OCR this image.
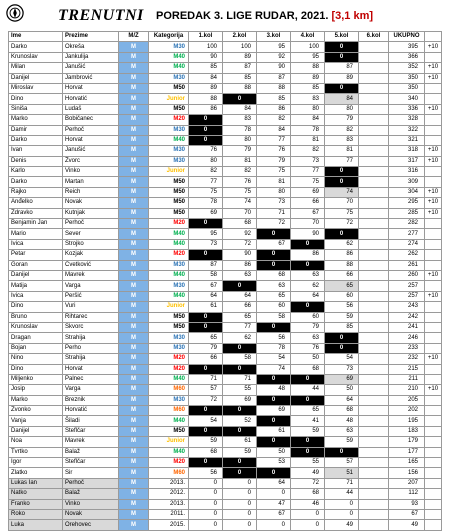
TRENUTNI POREDAK 3. LIGE RUDAR, 2021. [3,1 km]
Ime	Prezime	M/Ž	Kategorija	1.kol	2.kol	3.kol	4.kol	5.kol	6.kol	UKUPNO	
Darko	Okreša	M	M30	100	100	95	100	0		395	+10
Krunoslav	Jankulija	M	M40	90	89	92	95	0		366	
Milan	Janušić	M	M40	85	87	90	88	87		352	+10
Danijel	Jambrović	M	M30	84	85	87	89	89		350	+10
Miroslav	Horvat	M	M50	89	88	88	85	0		350	
Dino	Horvatić	M	Junior	88	0	85	83	84		340	
Siniša	Ludaš	M	M50	86	84	86	80	80		336	+10
Marko	Bobičanec	M	M20	0	83	82	84	79		328	
Damir	Perhoč	M	M30	0	78	84	78	82		322	
Darko	Horvat	M	M40	0	80	77	81	83		321	
Ivan	Janušić	M	M30	76	79	76	82	81		318	+10
Denis	Žvorc	M	M30	80	81	79	73	77		317	+10
Karlo	Vinko	M	Junior	82	82	75	77	0		316	
Darko	Martan	M	M50	77	76	81	75	0		309	
Rajko	Reich	M	M50	75	75	80	69	74		304	+10
Anđelko	Novak	M	M50	78	74	73	66	70		295	+10
Zdravko	Kutnjak	M	M50	69	70	71	67	75		285	+10
Benjamin Jan	Perhoč	M	M20	0	68	72	70	72		282	
Mario	Sever	M	M40	95	92	0	90	0		277	
Ivica	Strojko	M	M40	73	72	67	0	62		274	
Petar	Kozjak	M	M20	0	90	0	86	86		262	
Goran	Cvetković	M	M30	87	86	0	0	88		261	
Danijel	Mavrek	M	M40	58	63	68	63	66		260	+10
Matija	Varga	M	M30	67	0	63	62	65		257	
Ivica	Peršić	M	M40	64	64	65	64	60		257	+10
Dino	Vuri	M	Junior	61	66	60	0	56		243	
Bruno	Rihtarec	M	M50	0	65	58	60	59		242	
Krunoslav	Škvorc	M	M50	0	77	0	79	85		241	
Dragan	Strahija	M	M30	65	62	56	63	0		246	
Bojan	Perho	M	M30	79	0	78	76	0		233	
Nino	Strahija	M	M20	66	58	54	50	54		232	+10
Dino	Horvat	M	M20	0	0	74	68	73		215	
Miljenko	Palnec	M	M40	71	71	0	0	69		211	
Josip	Varga	M	M60	57	55	48	44	50		210	+10
Marko	Breznik	M	M30	72	69	0	0	64		205	
Zvonko	Horvatić	M	M60	0	0	69	65	68		202	
Vanja	Šiladi	M	M40	54	52	0	41	48		195	
Danijel	Šteflčar	M	M50	0	0	61	59	63		183	
Noa	Mavrek	M	Junior	59	61	0	0	59		179	
Tvrtko	Balaž	M	M40	68	59	50	0	0		177	
Igor	Šteflčar	M	M20	0	0	53	55	57		165	
Zlatko	Sir	M	M60	56	0	0	49	51		156	
Lukas Ian	Perhoč	M	2013.	0	0	64	72	71		207	
Natko	Balaž	M	2012.	0	0	0	68	44		112	
Franko	Vinko	M	2013.	0	0	47	46	0		93	
Roko	Novak	M	2011.	0	0	67	0	0		67	
Luka	Orehovec	M	2015.	0	0	0	0	49		49	
